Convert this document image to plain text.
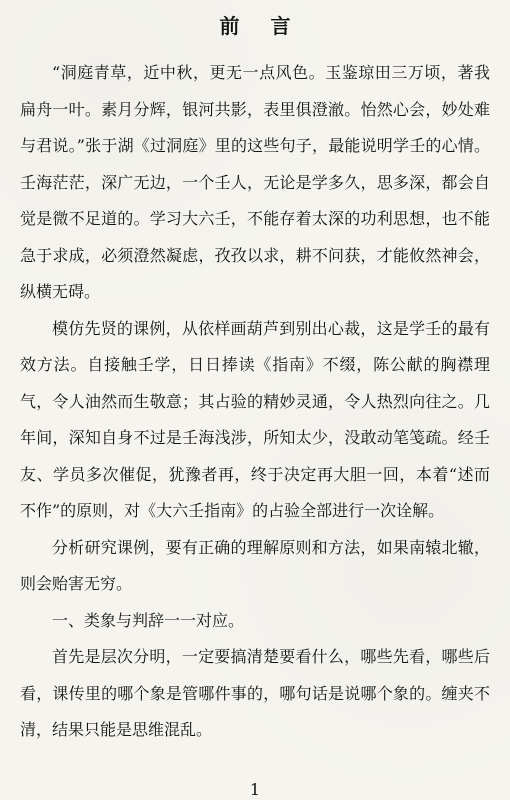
前 言

“洞庭青草，近中秋，更无一点风色。玉鉴琼田三万顷，著我扁舟一叶。素月分辉，银河共影，表里俱澄澈。怡然心会，妙处难与君说。”张于湖《过洞庭》里的这些句子，最能说明学壬的心情。壬海茫茫，深广无边，一个壬人，无论是学多久，思多深，都会自觉是微不足道的。学习大六壬，不能存着太深的功利思想，也不能急于求成，必须澄然凝虑，孜孜以求，耕不问获，才能攸然神会，纵横无碍。

模仿先贤的课例，从依样画葫芦到别出心裁，这是学壬的最有效方法。自接触壬学，日日捧读《指南》不缀，陈公献的胸襟理气，令人油然而生敬意；其占验的精妙灵通，令人热烈向往之。几年间，深知自身不过是壬海浅涉，所知太少，没敢动笔笺疏。经壬友、学员多次催促，犹豫者再，终于决定再大胆一回，本着“述而不作”的原则，对《大六壬指南》的占验全部进行一次诠解。

分析研究课例，要有正确的理解原则和方法，如果南辕北辙，则会贻害无穷。

一、类象与判辞一一对应。

首先是层次分明，一定要搞清楚要看什么，哪些先看，哪些后看，课传里的哪个象是管哪件事的，哪句话是说哪个象的。缠夹不清，结果只能是思维混乱。

1
